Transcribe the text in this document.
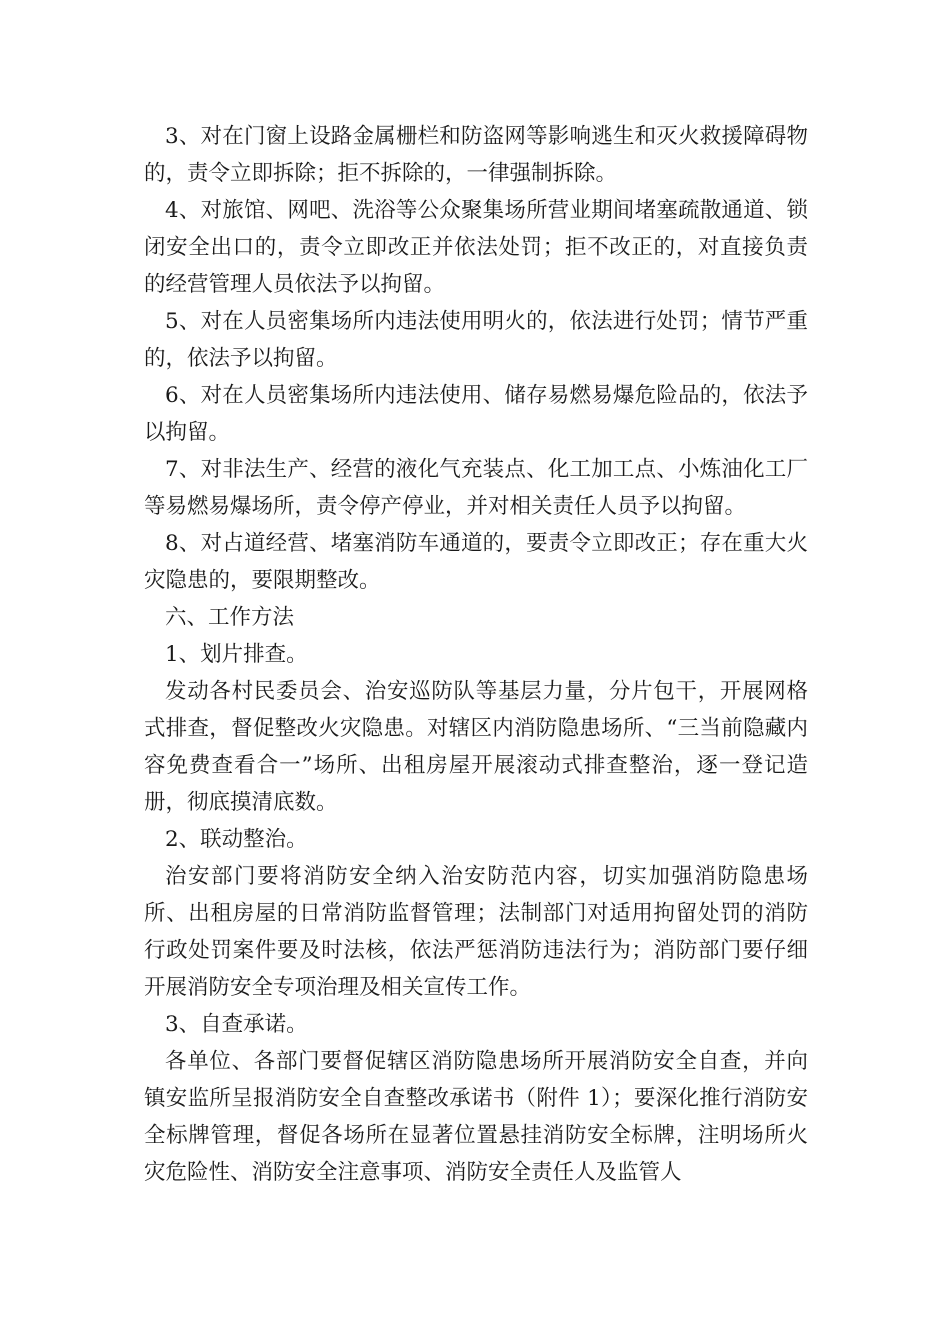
3、对在门窗上设路金属栅栏和防盗网等影响逃生和灭火救援障碍物的，责令立即拆除；拒不拆除的，一律强制拆除。

4、对旅馆、网吧、洗浴等公众聚集场所营业期间堵塞疏散通道、锁闭安全出口的，责令立即改正并依法处罚；拒不改正的，对直接负责的经营管理人员依法予以拘留。

5、对在人员密集场所内违法使用明火的，依法进行处罚；情节严重的，依法予以拘留。

6、对在人员密集场所内违法使用、储存易燃易爆危险品的，依法予以拘留。

7、对非法生产、经营的液化气充装点、化工加工点、小炼油化工厂等易燃易爆场所，责令停产停业，并对相关责任人员予以拘留。

8、对占道经营、堵塞消防车通道的，要责令立即改正；存在重大火灾隐患的，要限期整改。

六、工作方法

1、划片排查。

发动各村民委员会、治安巡防队等基层力量，分片包干，开展网格式排查，督促整改火灾隐患。对辖区内消防隐患场所、“三当前隐藏内容免费查看合一”场所、出租房屋开展滚动式排查整治，逐一登记造册，彻底摸清底数。

2、联动整治。

治安部门要将消防安全纳入治安防范内容，切实加强消防隐患场所、出租房屋的日常消防监督管理；法制部门对适用拘留处罚的消防行政处罚案件要及时法核，依法严惩消防违法行为；消防部门要仔细开展消防安全专项治理及相关宣传工作。

3、自查承诺。

各单位、各部门要督促辖区消防隐患场所开展消防安全自查，并向镇安监所呈报消防安全自查整改承诺书（附件 1）；要深化推行消防安全标牌管理，督促各场所在显著位置悬挂消防安全标牌，注明场所火灾危险性、消防安全注意事项、消防安全责任人及监管人
